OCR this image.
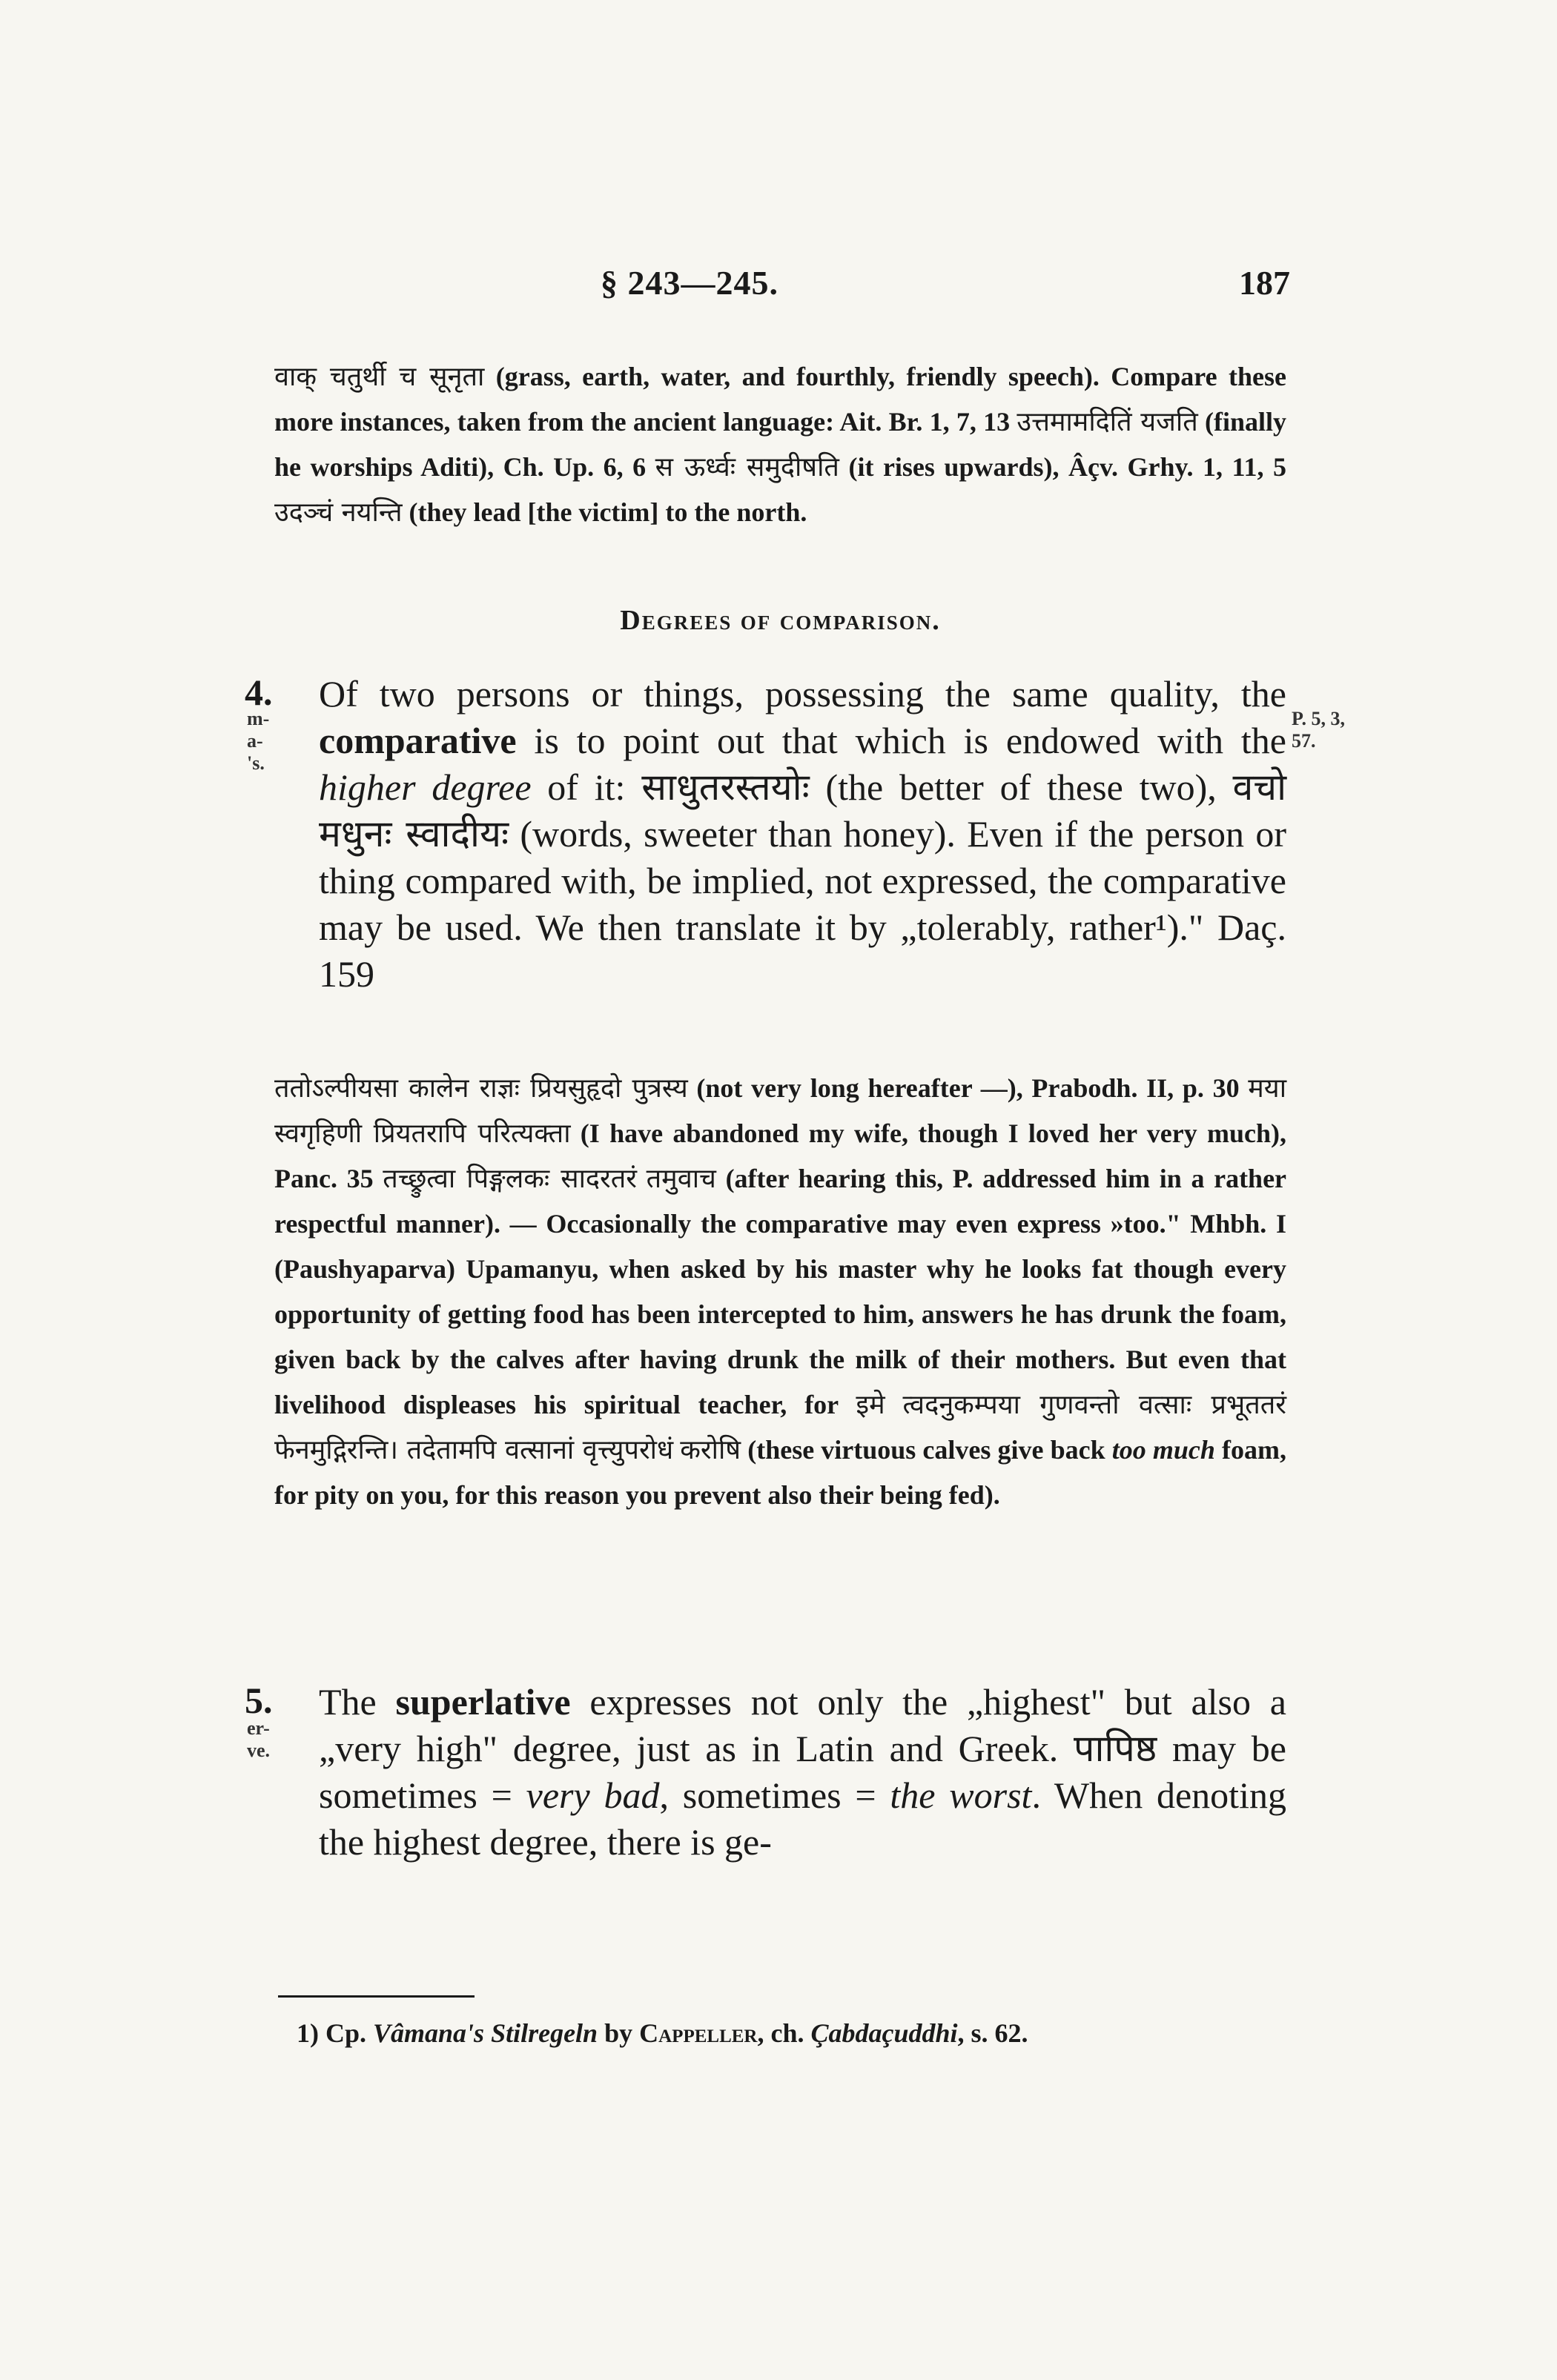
§ 243—245.	187
वाक् चतुर्थी च सूनृता (grass, earth, water, and fourthly, friendly speech). Compare these more instances, taken from the ancient language: Ait. Br. 1, 7, 13 उत्तमामदितिं यजति (finally he worships Aditi), Ch. Up. 6, 6 स ऊर्ध्वः समुदीषति (it rises upwards), Âçv. Grhy. 1, 11, 5 उदञ्चं नयन्ति (they lead [the victim] to the north.
Degrees of comparison.
4.
m-
a-
's.
P. 5, 3,
57.
Of two persons or things, possessing the same quality, the comparative is to point out that which is endowed with the higher degree of it: साधुतरस्तयोः (the better of these two), वचो मधुनः स्वादीयः (words, sweeter than honey). Even if the person or thing compared with, be implied, not expressed, the comparative may be used. We then translate it by „tolerably, rather¹)." Daç. 159
ततोऽल्पीयसा कालेन राज्ञः प्रियसुहृदो पुत्रस्य (not very long hereafter —), Prabodh. II, p. 30 मया स्वगृहिणी प्रियतरापि परित्यक्ता (I have abandoned my wife, though I loved her very much), Panc. 35 तच्छ्रुत्वा पिङ्गलकः सादरतरं तमुवाच (after hearing this, P. addressed him in a rather respectful manner). — Occasionally the comparative may even express »too." Mhbh. I (Paushyaparva) Upamanyu, when asked by his master why he looks fat though every opportunity of getting food has been intercepted to him, answers he has drunk the foam, given back by the calves after having drunk the milk of their mothers. But even that livelihood displeases his spiritual teacher, for इमे त्वदनुकम्पया गुणवन्तो वत्साः प्रभूततरं फेनमुद्गिरन्ति। तदेतामपि वत्सानां वृत्त्युपरोधं करोषि (these virtuous calves give back too much foam, for pity on you, for this reason you prevent also their being fed).
5.
er-
ve.
The superlative expresses not only the „highest" but also a „very high" degree, just as in Latin and Greek. पापिष्ठ may be sometimes = very bad, sometimes = the worst. When denoting the highest degree, there is ge-
1) Cp. Vâmana's Stilregeln by Cappeller, ch. Çabdaçuddhi, s. 62.
